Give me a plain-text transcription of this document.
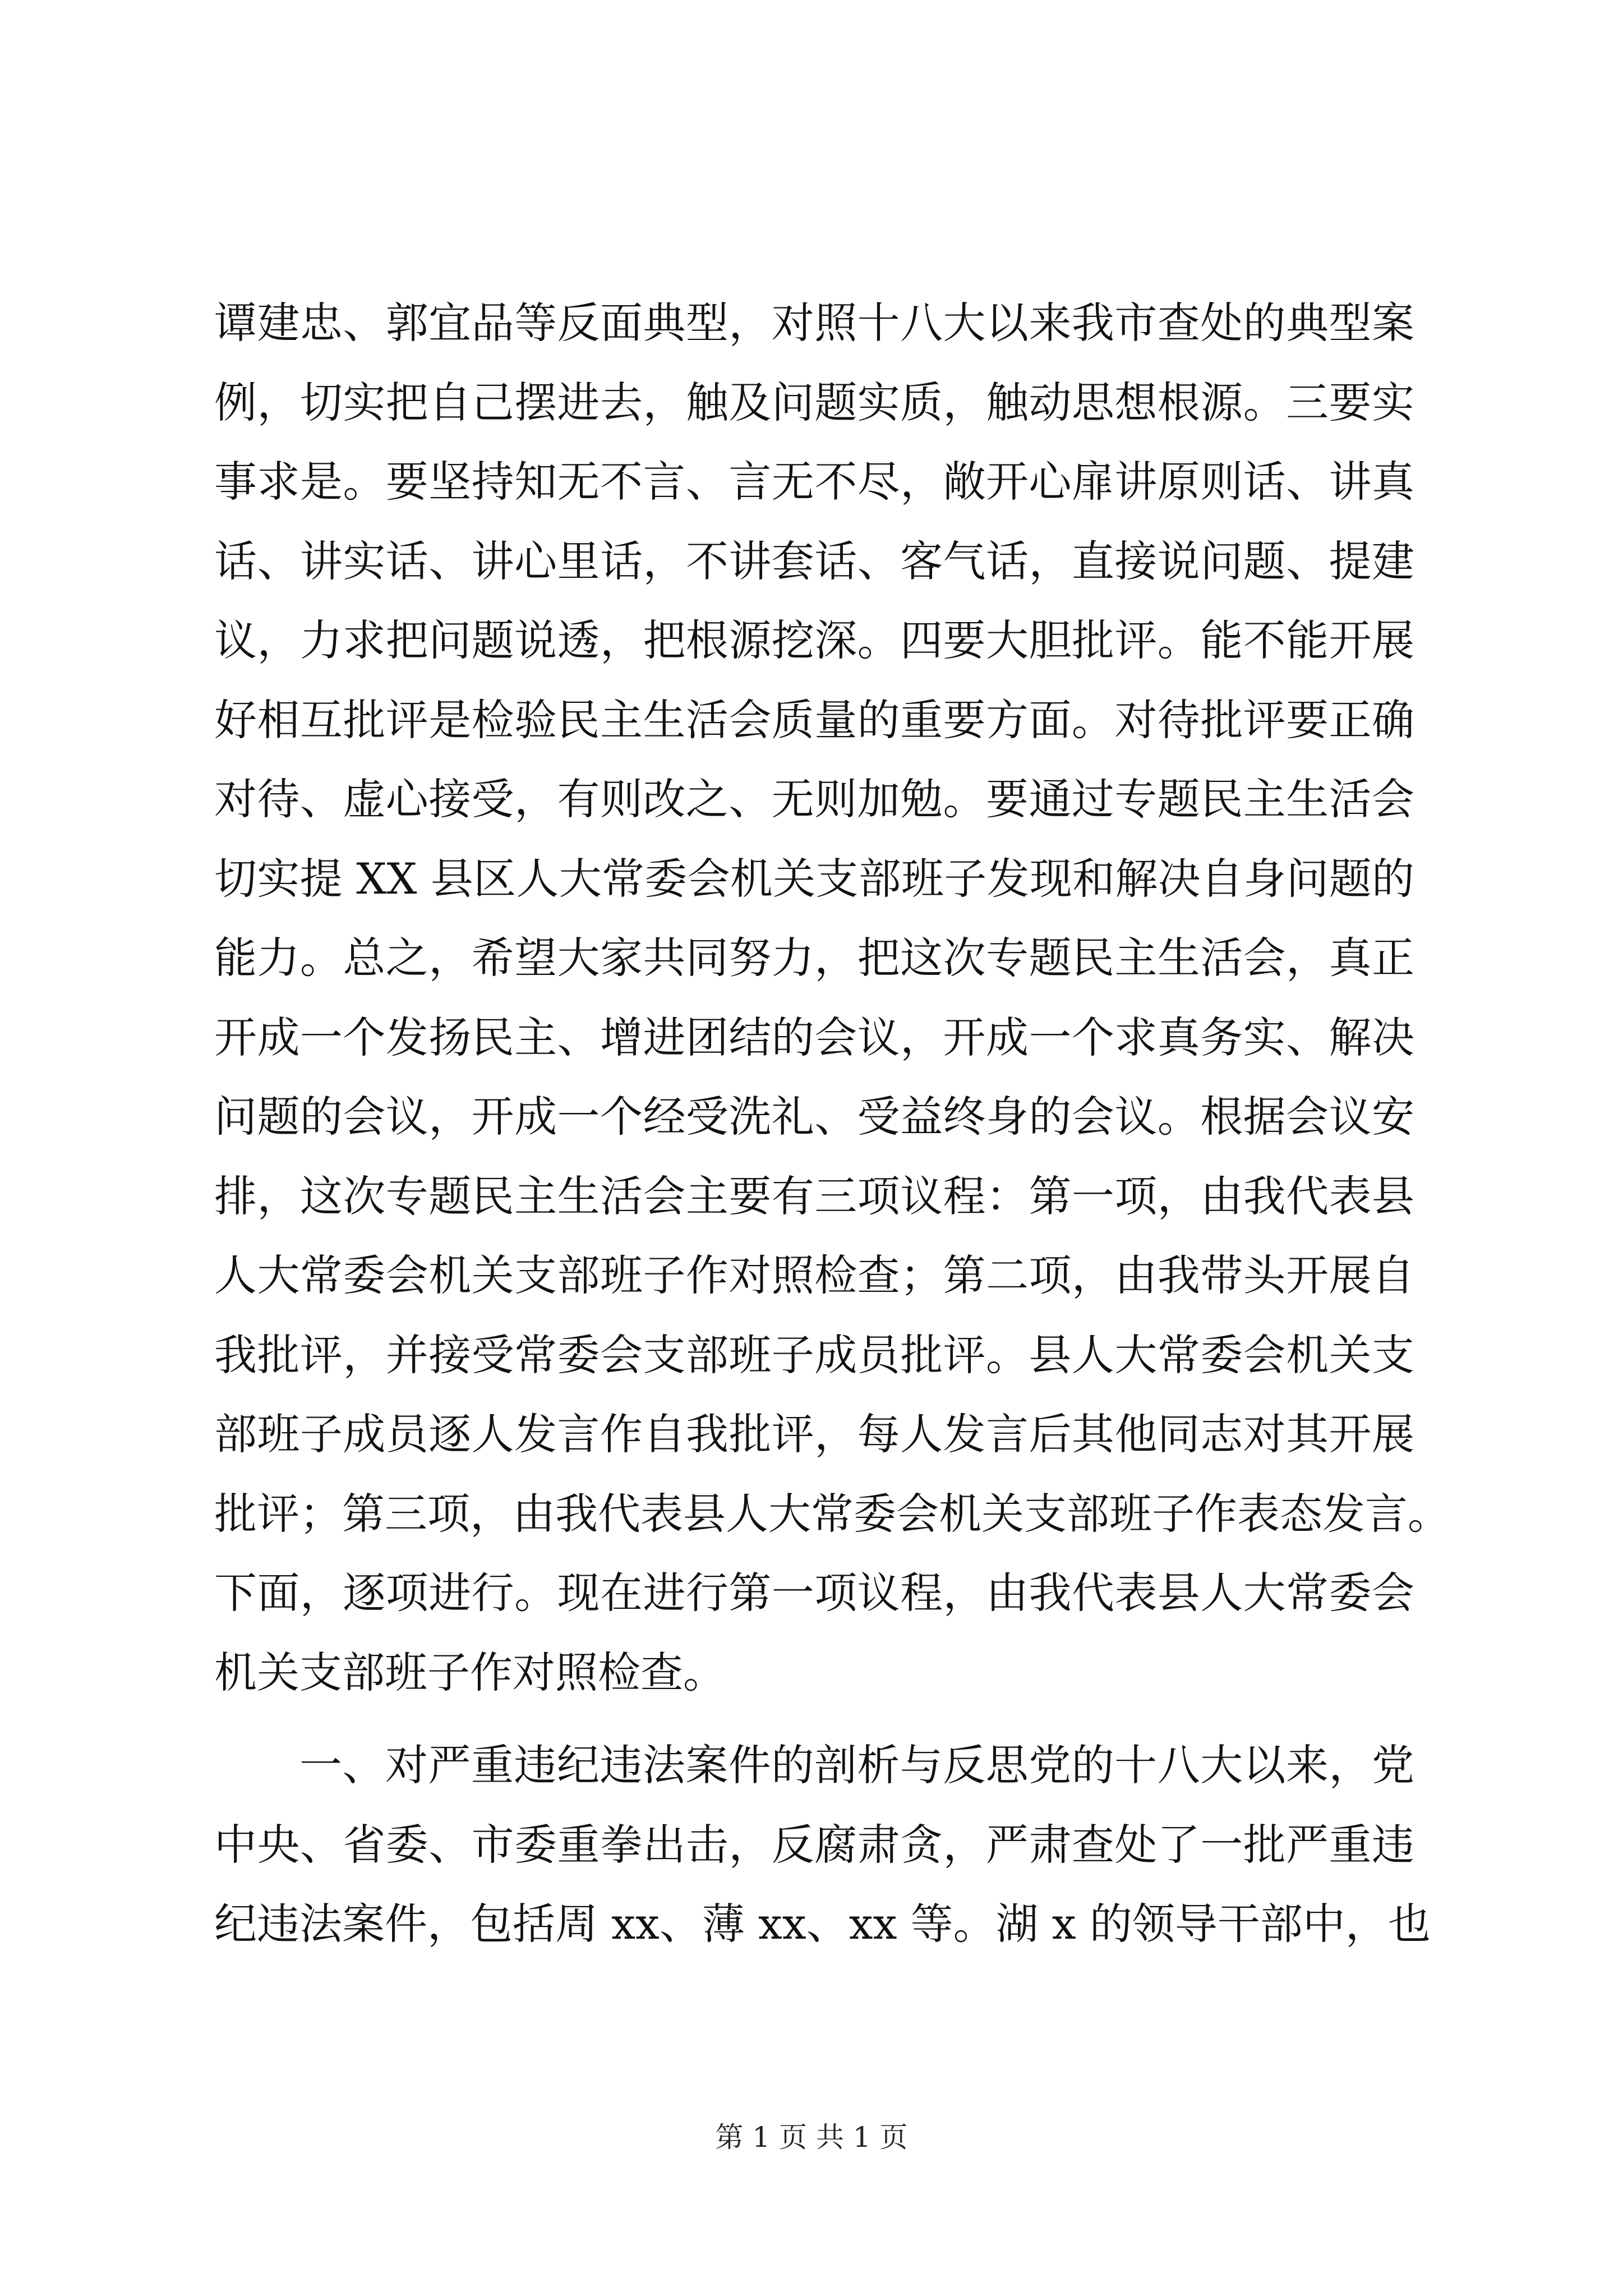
谭建忠、郭宜品等反面典型，对照十八大以来我市查处的典型案
例，切实把自己摆进去，触及问题实质，触动思想根源。三要实
事求是。要坚持知无不言、言无不尽，敞开心扉讲原则话、讲真
话、讲实话、讲心里话，不讲套话、客气话，直接说问题、提建
议，力求把问题说透，把根源挖深。四要大胆批评。能不能开展
好相互批评是检验民主生活会质量的重要方面。对待批评要正确
对待、虚心接受，有则改之、无则加勉。要通过专题民主生活会
切实提 XX 县区人大常委会机关支部班子发现和解决自身问题的
能力。总之，希望大家共同努力，把这次专题民主生活会，真正
开成一个发扬民主、增进团结的会议，开成一个求真务实、解决
问题的会议，开成一个经受洗礼、受益终身的会议。根据会议安
排，这次专题民主生活会主要有三项议程：第一项，由我代表县
人大常委会机关支部班子作对照检查；第二项，由我带头开展自
我批评，并接受常委会支部班子成员批评。县人大常委会机关支
部班子成员逐人发言作自我批评，每人发言后其他同志对其开展
批评；第三项，由我代表县人大常委会机关支部班子作表态发言。
下面，逐项进行。现在进行第一项议程，由我代表县人大常委会
机关支部班子作对照检查。
一、对严重违纪违法案件的剖析与反思党的十八大以来，党
中央、省委、市委重拳出击，反腐肃贪，严肃查处了一批严重违
纪违法案件，包括周 xx、薄 xx、xx 等。湖 x 的领导干部中，也
第 1 页 共 1 页
